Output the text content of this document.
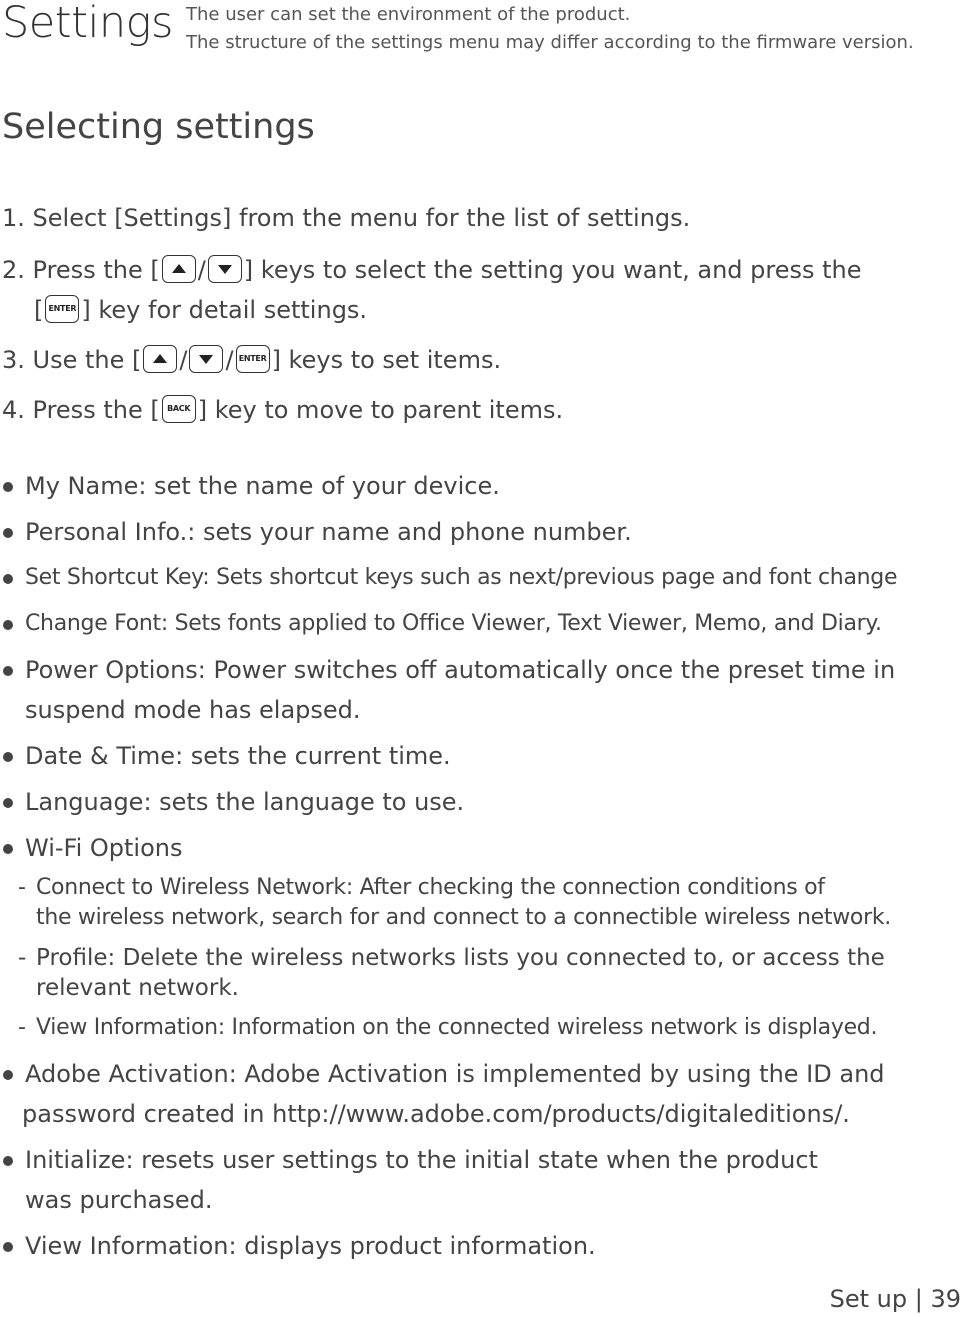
Settings The user can set the environment of the product.
The structure of the settings menu may differ according to the firmware version.
Selecting settings
1. Select [Settings] from the menu for the list of settings.
2. Press the [ / ] keys to select the setting you want, and press the
[ ENTER ] key for detail settings.
3. Use the [ / / ENTER ] keys to set items.
4. Press the [ BACK ] key to move to parent items.
My Name: set the name of your device.
Personal Info.: sets your name and phone number.
Set Shortcut Key: Sets shortcut keys such as next/previous page and font change
Change Font: Sets fonts applied to Office Viewer, Text Viewer, Memo, and Diary.
Power Options: Power switches off automatically once the preset time in
suspend mode has elapsed.
Date & Time: sets the current time.
Language: sets the language to use.
Wi-Fi Options
- Connect to Wireless Network: After checking the connection conditions of
the wireless network, search for and connect to a connectible wireless network.
- Profile: Delete the wireless networks lists you connected to, or access the
relevant network.
- View Information: Information on the connected wireless network is displayed.
Adobe Activation: Adobe Activation is implemented by using the ID and
password created in http://www.adobe.com/products/digitaleditions/.
Initialize: resets user settings to the initial state when the product
was purchased.
View Information: displays product information.
Set up | 39
